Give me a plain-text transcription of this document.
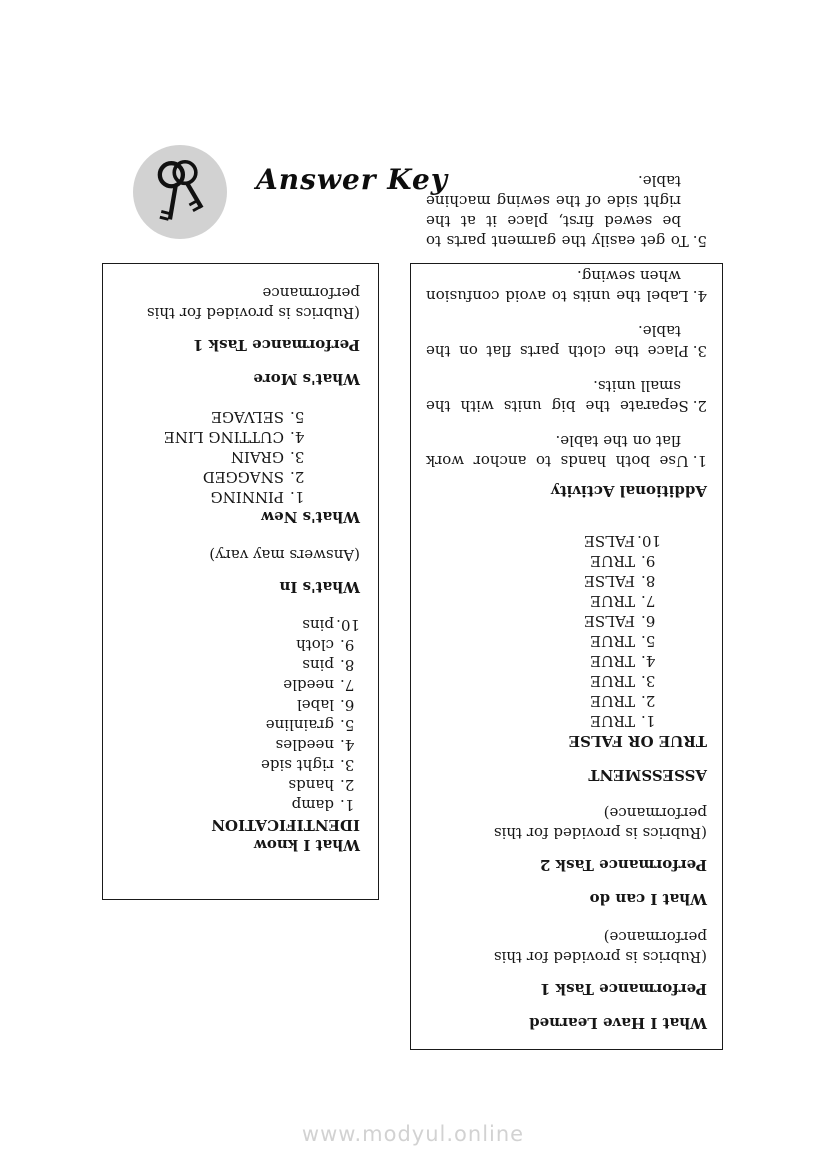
Answer Key
What I know
IDENTIFICATION
1.
damp
2.
hands
3.
right side
4.
needles
5.
grainline
6.
label
7.
needle
8.
pins
9.
cloth
10.
pins
What's In
(Answers may vary)
What's New
1.
PINNING
2.
SNAGGED
3.
GRAIN
4.
CUTTING LINE
5.
SELVAGE
What's More
Performance Task 1
(Rubrics is provided for this performance
What I Have Learned
Performance Task 1
(Rubrics is provided for this performance)
What I can do
Performance Task 2
(Rubrics is provided for this performance)
ASSESSMENT
TRUE OR FALSE
1.
TRUE
2.
TRUE
3.
TRUE
4.
TRUE
5.
TRUE
6.
FALSE
7.
TRUE
8.
FALSE
9.
TRUE
10.
FALSE
Additional Activity

1.Use both hands to anchor work flat on the table.

2.Separate the big units with the small units.

3.Place the cloth parts flat on the table.

4.Label the units to avoid confusion when sewing.

5.To get easily the garment parts to be sewed first, place it at the right side of the sewing machine table.

www.modyul.online
